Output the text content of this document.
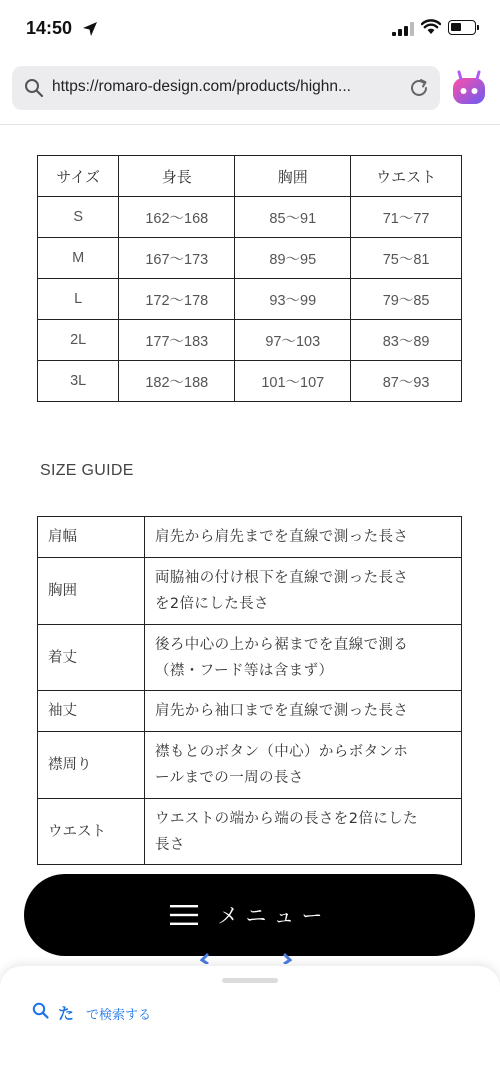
14:50
https://romaro-design.com/products/highn...
サイズ	身長	胸囲	ウエスト
S	162〜168	85〜91	71〜77
M	167〜173	89〜95	75〜81
L	172〜178	93〜99	79〜85
2L	177〜183	97〜103	83〜89
3L	182〜188	101〜107	87〜93
SIZE GUIDE
肩幅	肩先から肩先までを直線で測った長さ

胸囲	両脇袖の付け根下を直線で測った長さ
を2倍にした長さ

着丈	後ろ中心の上から裾までを直線で測る
（襟・フード等は含まず）

袖丈	肩先から袖口までを直線で測った長さ

襟周り	襟もとのボタン（中心）からボタンホ
ールまでの一周の長さ

ウエスト	ウエストの端から端の長さを2倍にした
長さ
メニュー
た で検索する
